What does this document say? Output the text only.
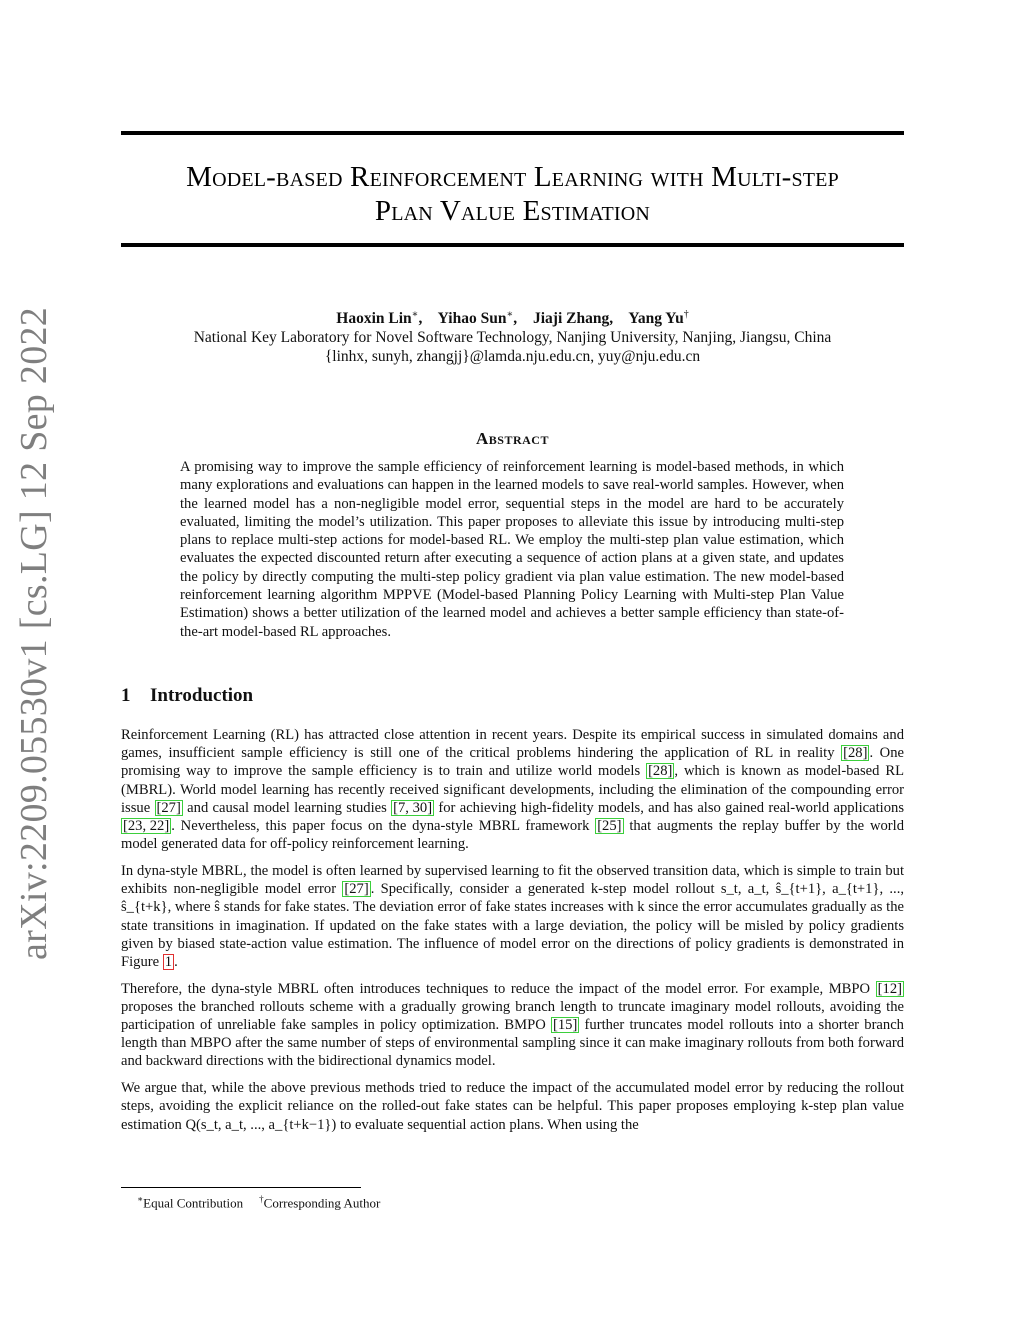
arXiv:2209.05530v1 [cs.LG] 12 Sep 2022
Model-based Reinforcement Learning with Multi-step
Plan Value Estimation
Haoxin Lin∗, Yihao Sun∗, Jiaji Zhang, Yang Yu†
National Key Laboratory for Novel Software Technology, Nanjing University, Nanjing, Jiangsu, China
{linhx, sunyh, zhangjj}@lamda.nju.edu.cn, yuy@nju.edu.cn
Abstract
A promising way to improve the sample efficiency of reinforcement learning is model-based methods, in which many explorations and evaluations can happen in the learned models to save real-world samples. However, when the learned model has a non-negligible model error, sequential steps in the model are hard to be accurately evaluated, limiting the model’s utilization. This paper proposes to alleviate this issue by introducing multi-step plans to replace multi-step actions for model-based RL. We employ the multi-step plan value estimation, which evaluates the expected discounted return after executing a sequence of action plans at a given state, and updates the policy by directly computing the multi-step policy gradient via plan value estimation. The new model-based reinforcement learning algorithm MPPVE (Model-based Planning Policy Learning with Multi-step Plan Value Estimation) shows a better utilization of the learned model and achieves a better sample efficiency than state-of-the-art model-based RL approaches.
1 Introduction

Reinforcement Learning (RL) has attracted close attention in recent years. Despite its empirical success in simulated domains and games, insufficient sample efficiency is still one of the critical problems hindering the application of RL in reality [28] . One promising way to improve the sample efficiency is to train and utilize world models [28] , which is known as model-based RL (MBRL). World model learning has recently received significant developments, including the elimination of the compounding error issue [27] and causal model learning studies [7, 30] for achieving high-fidelity models, and has also gained real-world applications [23, 22] . Nevertheless, this paper focus on the dyna-style MBRL framework [25] that augments the replay buffer by the world model generated data for off-policy reinforcement learning.

In dyna-style MBRL, the model is often learned by supervised learning to fit the observed transition data, which is simple to train but exhibits non-negligible model error [27] . Specifically, consider a generated k-step model rollout s_t, a_t, ŝ_{t+1}, a_{t+1}, ..., ŝ_{t+k}, where ŝ stands for fake states. The deviation error of fake states increases with k since the error accumulates gradually as the state transitions in imagination. If updated on the fake states with a large deviation, the policy will be misled by policy gradients given by biased state-action value estimation. The influence of model error on the directions of policy gradients is demonstrated in Figure 1 .

Therefore, the dyna-style MBRL often introduces techniques to reduce the impact of the model error. For example, MBPO [12] proposes the branched rollouts scheme with a gradually growing branch length to truncate imaginary model rollouts, avoiding the participation of unreliable fake samples in policy optimization. BMPO [15] further truncates model rollouts into a shorter branch length than MBPO after the same number of steps of environmental sampling since it can make imaginary rollouts from both forward and backward directions with the bidirectional dynamics model.

We argue that, while the above previous methods tried to reduce the impact of the accumulated model error by reducing the rollout steps, avoiding the explicit reliance on the rolled-out fake states can be helpful. This paper proposes employing k-step plan value estimation Q(s_t, a_t, ..., a_{t+k−1}) to evaluate sequential action plans. When using the

∗Equal Contribution †Corresponding Author
